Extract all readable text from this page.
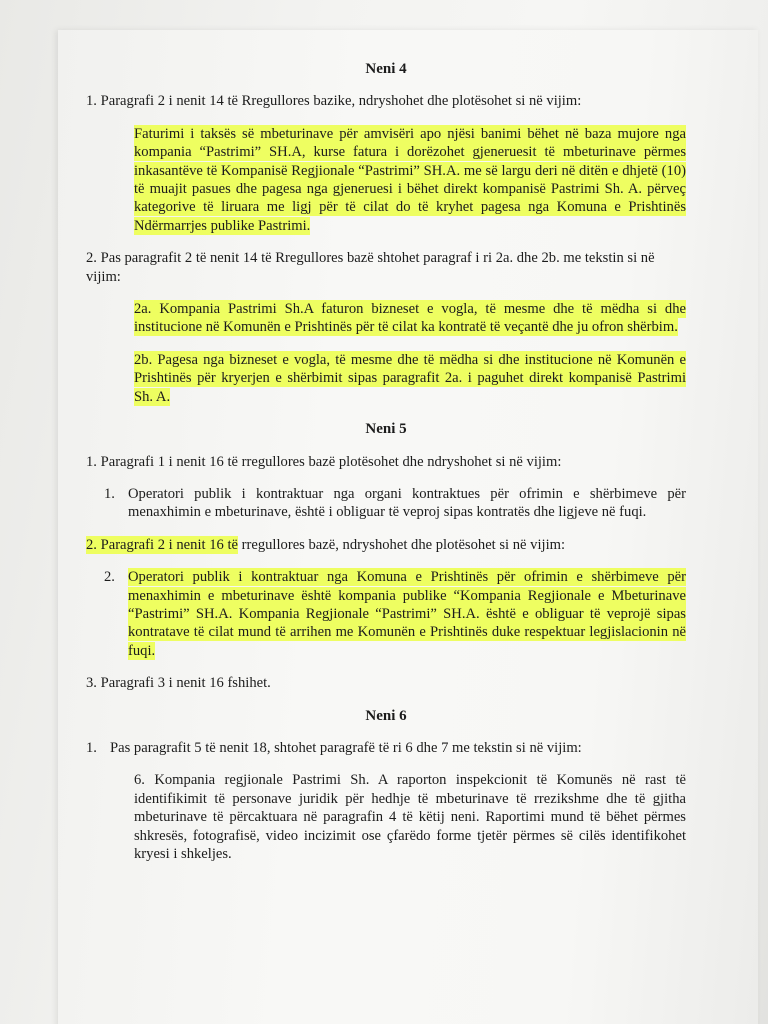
Neni 4
1. Paragrafi 2 i nenit 14 të Rregullores bazike, ndryshohet dhe plotësohet si në vijim:
Faturimi i taksës së mbeturinave për amvisëri apo njësi banimi bëhet në baza mujore nga kompania “Pastrimi” SH.A, kurse fatura i dorëzohet gjeneruesit të mbeturinave përmes inkasantëve të Kompanisë Regjionale “Pastrimi” SH.A. me së largu deri në ditën e dhjetë (10) të muajit pasues dhe pagesa nga gjeneruesi i bëhet direkt kompanisë Pastrimi Sh. A. përveç kategorive të liruara me ligj për të cilat do të kryhet pagesa nga Komuna e Prishtinës Ndërmarrjes publike Pastrimi.
2. Pas paragrafit 2 të nenit 14 të Rregullores bazë shtohet paragraf i ri 2a. dhe 2b. me tekstin si në vijim:
2a. Kompania Pastrimi Sh.A faturon bizneset e vogla, të mesme dhe të mëdha si dhe institucione në Komunën e Prishtinës për të cilat ka kontratë të veçantë dhe ju ofron shërbim.
2b. Pagesa nga bizneset e vogla, të mesme dhe të mëdha si dhe institucione në Komunën e Prishtinës për kryerjen e shërbimit sipas paragrafit 2a. i paguhet direkt kompanisë Pastrimi Sh. A.
Neni 5
1. Paragrafi 1 i nenit 16 të rregullores bazë plotësohet dhe ndryshohet si në vijim:
1. Operatori publik i kontraktuar nga organi kontraktues për ofrimin e shërbimeve për menaxhimin e mbeturinave, është i obliguar të veproj sipas kontratës dhe ligjeve në fuqi.
2. Paragrafi 2 i nenit 16 të rregullores bazë, ndryshohet dhe plotësohet si në vijim:
2. Operatori publik i kontraktuar nga Komuna e Prishtinës për ofrimin e shërbimeve për menaxhimin e mbeturinave është kompania publike “Kompania Regjionale e Mbeturinave “Pastrimi” SH.A. Kompania Regjionale “Pastrimi” SH.A. është e obliguar të veprojë sipas kontratave të cilat mund të arrihen me Komunën e Prishtinës duke respektuar legjislacionin në fuqi.
3. Paragrafi 3 i nenit 16 fshihet.
Neni 6
1. Pas paragrafit 5 të nenit 18, shtohet paragrafë të ri 6 dhe 7 me tekstin si në vijim:
6. Kompania regjionale Pastrimi Sh. A raporton inspekcionit të Komunës në rast të identifikimit të personave juridik për hedhje të mbeturinave të rrezikshme dhe të gjitha mbeturinave të përcaktuara në paragrafin 4 të këtij neni. Raportimi mund të bëhet përmes shkresës, fotografisë, video incizimit ose çfarëdo forme tjetër përmes së cilës identifikohet kryesi i shkeljes.
